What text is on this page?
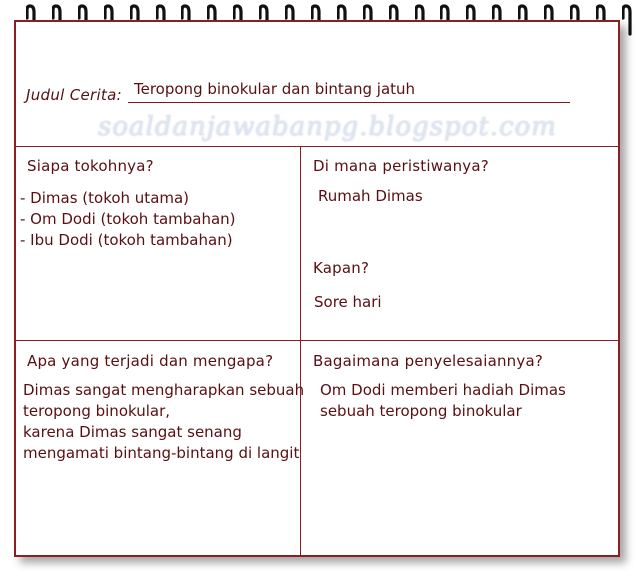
Judul Cerita: Teropong binokular dan bintang jatuh
soaldanjawabanpg.blogspot.com
Siapa tokohnya?
- Dimas (tokoh utama)
- Om Dodi (tokoh tambahan)
- Ibu Dodi (tokoh tambahan)
Di mana peristiwanya?
Rumah Dimas
Kapan?
Sore hari
Apa yang terjadi dan mengapa?
Dimas sangat mengharapkan sebuah
teropong binokular,
karena Dimas sangat senang
mengamati bintang-bintang di langit
Bagaimana penyelesaiannya?
Om Dodi memberi hadiah Dimas
sebuah teropong binokular
